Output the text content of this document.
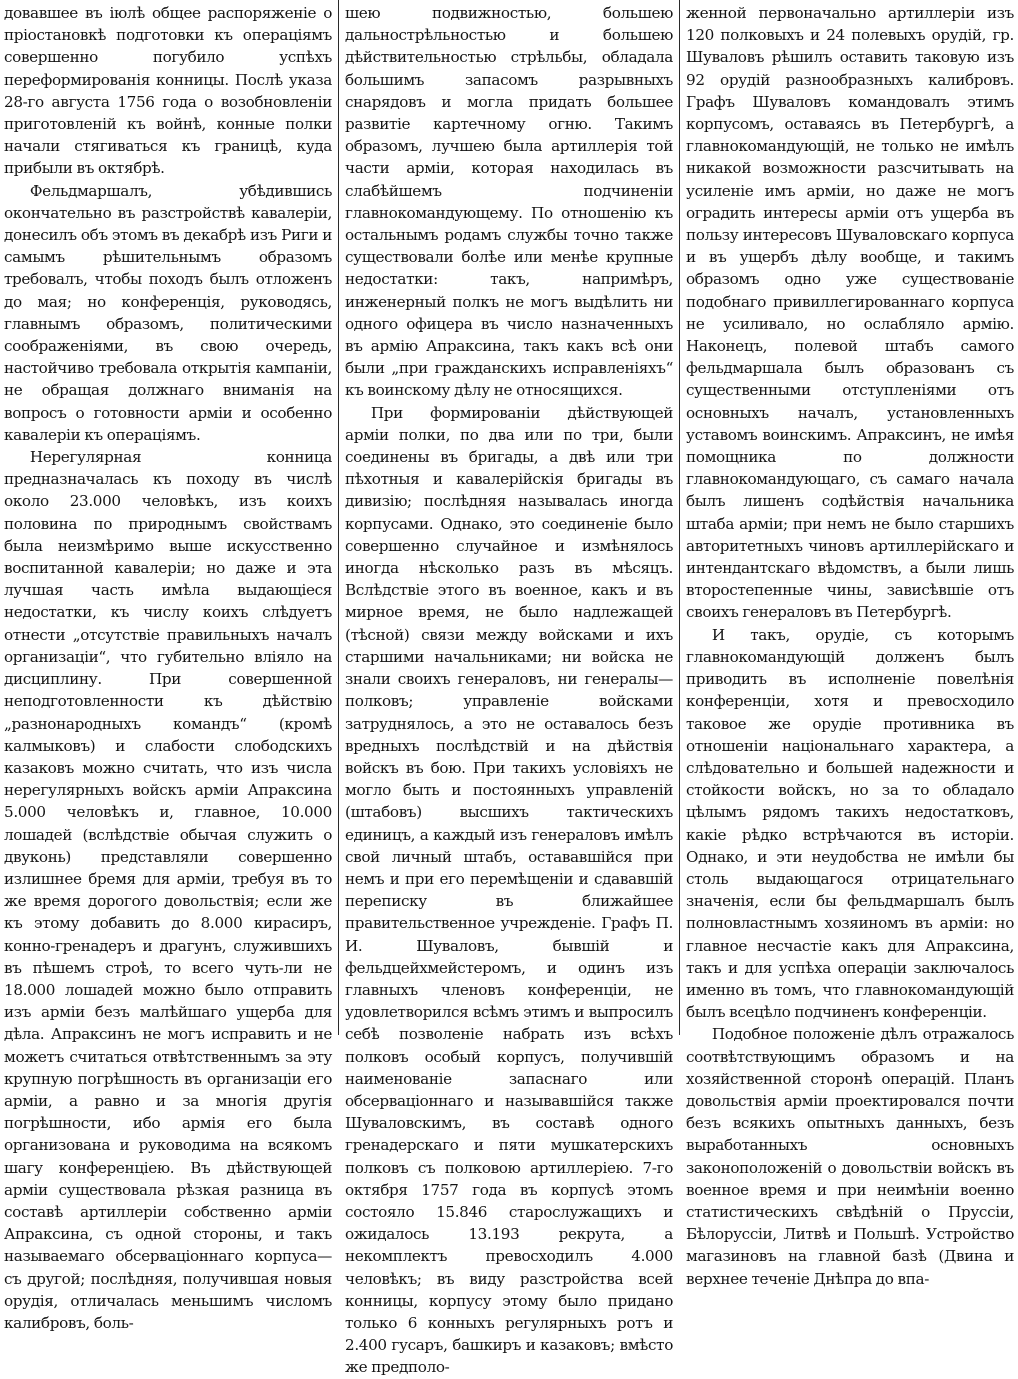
довавшее въ іюлѣ общее распоряженіе о пріостановкѣ подготовки къ операціямъ совершенно погубило успѣхъ переформированія конницы. Послѣ указа 28-го августа 1756 года о возобновленіи приготовленій къ войнѣ, конные полки начали стягиваться къ границѣ, куда прибыли въ октябрѣ.

Фельдмаршалъ, убѣдившись окончательно въ разстройствѣ кавалеріи, донесилъ объ этомъ въ декабрѣ изъ Риги и самымъ рѣшительнымъ образомъ требовалъ, чтобы походъ былъ отложенъ до мая; но конференція, руководясь, главнымъ образомъ, политическими соображеніями, въ свою очередь, настойчиво требовала открытія кампаніи, не обращая должнаго вниманія на вопросъ о готовности арміи и особенно кавалеріи къ операціямъ.

Нерегулярная конница предназначалась къ походу въ числѣ около 23.000 человѣкъ, изъ коихъ половина по природнымъ свойствамъ была неизмѣримо выше искусственно воспитанной кавалеріи; но даже и эта лучшая часть имѣла выдающіеся недостатки, къ числу коихъ слѣдуетъ отнести „отсутствіе правильныхъ началъ организаціи“, что губительно вліяло на дисциплину. При совершенной неподготовленности къ дѣйствію „разнонародныхъ командъ“ (кромѣ калмыковъ) и слабости слободскихъ казаковъ можно считать, что изъ числа нерегулярныхъ войскъ арміи Апраксина 5.000 человѣкъ и, главное, 10.000 лошадей (вслѣдствіе обычая служить о двуконь) представляли совершенно излишнее бремя для арміи, требуя въ то же время дорогого довольствія; если же къ этому добавить до 8.000 кирасиръ, конно-гренадеръ и драгунъ, служившихъ въ пѣшемъ строѣ, то всего чуть-ли не 18.000 лошадей можно было отправить изъ арміи безъ малѣйшаго ущерба для дѣла. Апраксинъ не могъ исправить и не можетъ считаться отвѣтственнымъ за эту крупную погрѣшность въ организаціи его арміи, а равно и за многія другія погрѣшности, ибо армія его была организована и руководима на всякомъ шагу конференціею. Въ дѣйствующей арміи существовала рѣзкая разница въ составѣ артиллеріи собственно арміи Апраксина, съ одной стороны, и такъ называемаго обсерваціоннаго корпуса—съ другой; послѣдняя, получившая новыя орудія, отличалась меньшимъ числомъ калибровъ, боль-

шею подвижностью, большею дальнострѣльностью и большею дѣйствительностью стрѣльбы, обладала большимъ запасомъ разрывныхъ снарядовъ и могла придать большее развитіе картечному огню. Такимъ образомъ, лучшею была артиллерія той части арміи, которая находилась въ слабѣйшемъ подчиненіи главнокомандующему. По отношенію къ остальнымъ родамъ службы точно также существовали болѣе или менѣе крупные недостатки: такъ, напримѣръ, инженерный полкъ не могъ выдѣлить ни одного офицера въ число назначенныхъ въ армію Апраксина, такъ какъ всѣ они были „при гражданскихъ исправленіяхъ“ къ воинскому дѣлу не относящихся.

При формированіи дѣйствующей арміи полки, по два или по три, были соединены въ бригады, а двѣ или три пѣхотныя и кавалерійскія бригады въ дивизію; послѣдняя называлась иногда корпусами. Однако, это соединеніе было совершенно случайное и измѣнялось иногда нѣсколько разъ въ мѣсяцъ. Вслѣдствіе этого въ военное, какъ и въ мирное время, не было надлежащей (тѣсной) связи между войсками и ихъ старшими начальниками; ни войска не знали своихъ генераловъ, ни генералы—полковъ; управленіе войсками затруднялось, а это не оставалось безъ вредныхъ послѣдствій и на дѣйствія войскъ въ бою. При такихъ условіяхъ не могло быть и постоянныхъ управленій (штабовъ) высшихъ тактическихъ единицъ, а каждый изъ генераловъ имѣлъ свой личный штабъ, остававшійся при немъ и при его перемѣщеніи и сдававшій переписку въ ближайшее правительственное учрежденіе. Графъ П. И. Шуваловъ, бывшій и фельдцейхмейстеромъ, и одинъ изъ главныхъ членовъ конференціи, не удовлетворился всѣмъ этимъ и выпросилъ себѣ позволеніе набрать изъ всѣхъ полковъ особый корпусъ, получившій наименованіе запаснаго или обсерваціоннаго и называвшійся также Шуваловскимъ, въ составѣ одного гренадерскаго и пяти мушкатерскихъ полковъ съ полковою артиллеріею. 7-го октября 1757 года въ корпусѣ этомъ состояло 15.846 старослужащихъ и ожидалось 13.193 рекрута, а некомплектъ превосходилъ 4.000 человѣкъ; въ виду разстройства всей конницы, корпусу этому было придано только 6 конныхъ регулярныхъ ротъ и 2.400 гусаръ, башкиръ и казаковъ; вмѣсто же предполо-

женной первоначально артиллеріи изъ 120 полковыхъ и 24 полевыхъ орудій, гр. Шуваловъ рѣшилъ оставить таковую изъ 92 орудій разнообразныхъ калибровъ. Графъ Шуваловъ командовалъ этимъ корпусомъ, оставаясь въ Петербургѣ, а главнокомандующій, не только не имѣлъ никакой возможности разсчитывать на усиленіе имъ арміи, но даже не могъ оградить интересы арміи отъ ущерба въ пользу интересовъ Шуваловскаго корпуса и въ ущербъ дѣлу вообще, и такимъ образомъ одно уже существованіе подобнаго привиллегированнаго корпуса не усиливало, но ослабляло армію. Наконецъ, полевой штабъ самого фельдмаршала былъ образованъ съ существенными отступленіями отъ основныхъ началъ, установленныхъ уставомъ воинскимъ. Апраксинъ, не имѣя помощника по должности главнокомандующаго, съ самаго начала былъ лишенъ содѣйствія начальника штаба арміи; при немъ не было старшихъ авторитетныхъ чиновъ артиллерійскаго и интендантскаго вѣдомствъ, а были лишь второстепенные чины, зависѣвшіе отъ своихъ генераловъ въ Петербургѣ.

И такъ, орудіе, съ которымъ главнокомандующій долженъ былъ приводить въ исполненіе повелѣнія конференціи, хотя и превосходило таковое же орудіе противника въ отношеніи національнаго характера, а слѣдовательно и большей надежности и стойкости войскъ, но за то обладало цѣлымъ рядомъ такихъ недостатковъ, какіе рѣдко встрѣчаются въ исторіи. Однако, и эти неудобства не имѣли бы столь выдающагося отрицательнаго значенія, если бы фельдмаршалъ былъ полновластнымъ хозяиномъ въ арміи: но главное несчастіе какъ для Апраксина, такъ и для успѣха операціи заключалось именно въ томъ, что главнокомандующій былъ всецѣло подчиненъ конференціи.

Подобное положеніе дѣлъ отражалось соотвѣтствующимъ образомъ и на хозяйственной сторонѣ операцій. Планъ довольствія арміи проектировался почти безъ всякихъ опытныхъ данныхъ, безъ выработанныхъ основныхъ законоположеній о довольствіи войскъ въ военное время и при неимѣніи военно статистическихъ свѣдѣній о Пруссіи, Бѣлоруссіи, Литвѣ и Польшѣ. Устройство магазиновъ на главной базѣ (Двина и верхнее теченіе Днѣпра до впа-
